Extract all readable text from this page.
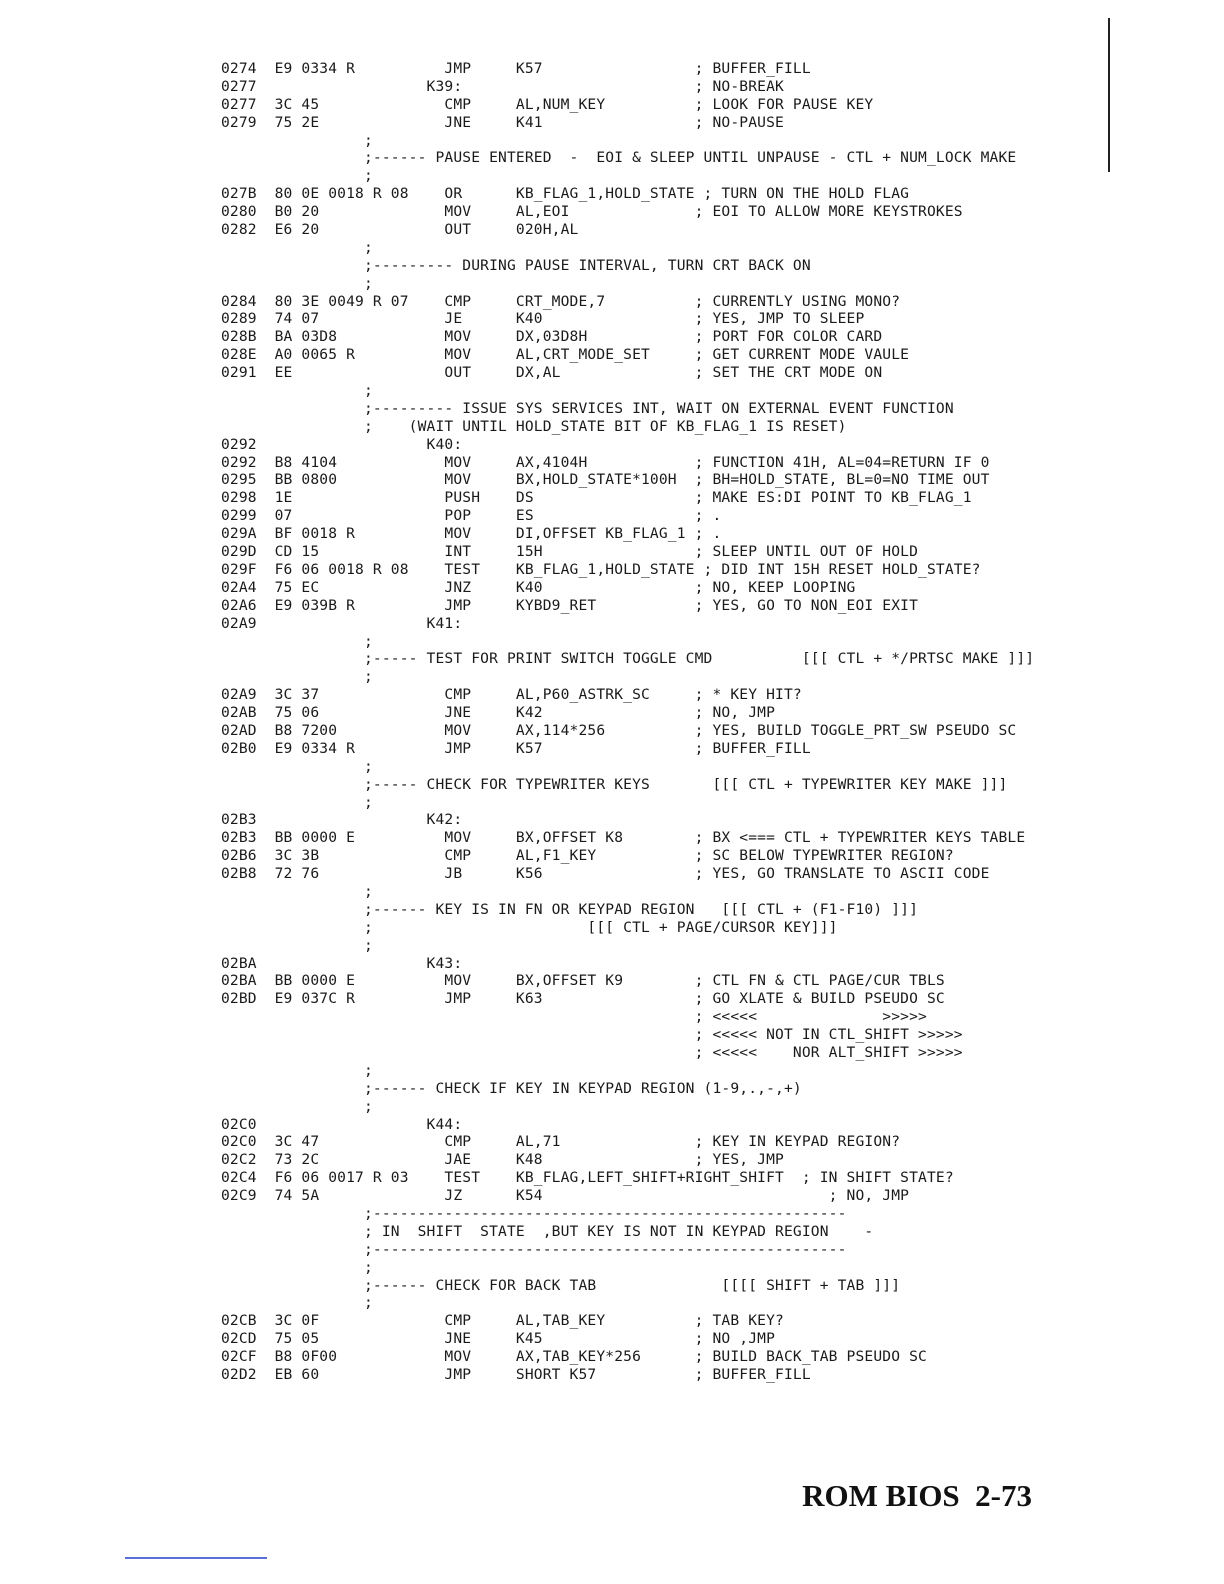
0274  E9 0334 R          JMP     K57                 ; BUFFER_FILL
0277                   K39:                          ; NO-BREAK
0277  3C 45              CMP     AL,NUM_KEY          ; LOOK FOR PAUSE KEY
0279  75 2E              JNE     K41                 ; NO-PAUSE
;
;------ PAUSE ENTERED  -  EOI & SLEEP UNTIL UNPAUSE - CTL + NUM_LOCK MAKE
;
027B  80 0E 0018 R 08    OR      KB_FLAG_1,HOLD_STATE ; TURN ON THE HOLD FLAG
0280  B0 20              MOV     AL,EOI              ; EOI TO ALLOW MORE KEYSTROKES
0282  E6 20              OUT     020H,AL
;
;--------- DURING PAUSE INTERVAL, TURN CRT BACK ON
;
0284  80 3E 0049 R 07    CMP     CRT_MODE,7          ; CURRENTLY USING MONO?
0289  74 07              JE      K40                 ; YES, JMP TO SLEEP
028B  BA 03D8            MOV     DX,03D8H            ; PORT FOR COLOR CARD
028E  A0 0065 R          MOV     AL,CRT_MODE_SET     ; GET CURRENT MODE VAULE
0291  EE                 OUT     DX,AL               ; SET THE CRT MODE ON
;
;--------- ISSUE SYS SERVICES INT, WAIT ON EXTERNAL EVENT FUNCTION
;    (WAIT UNTIL HOLD_STATE BIT OF KB_FLAG_1 IS RESET)
0292                   K40:
0292  B8 4104            MOV     AX,4104H            ; FUNCTION 41H, AL=04=RETURN IF 0
0295  BB 0800            MOV     BX,HOLD_STATE*100H  ; BH=HOLD_STATE, BL=0=NO TIME OUT
0298  1E                 PUSH    DS                  ; MAKE ES:DI POINT TO KB_FLAG_1
0299  07                 POP     ES                  ; .
029A  BF 0018 R          MOV     DI,OFFSET KB_FLAG_1 ; .
029D  CD 15              INT     15H                 ; SLEEP UNTIL OUT OF HOLD
029F  F6 06 0018 R 08    TEST    KB_FLAG_1,HOLD_STATE ; DID INT 15H RESET HOLD_STATE?
02A4  75 EC              JNZ     K40                 ; NO, KEEP LOOPING
02A6  E9 039B R          JMP     KYBD9_RET           ; YES, GO TO NON_EOI EXIT
02A9                   K41:
;
;----- TEST FOR PRINT SWITCH TOGGLE CMD          [[[ CTL + */PRTSC MAKE ]]]
;
02A9  3C 37              CMP     AL,P60_ASTRK_SC     ; * KEY HIT?
02AB  75 06              JNE     K42                 ; NO, JMP
02AD  B8 7200            MOV     AX,114*256          ; YES, BUILD TOGGLE_PRT_SW PSEUDO SC
02B0  E9 0334 R          JMP     K57                 ; BUFFER_FILL
;
;----- CHECK FOR TYPEWRITER KEYS       [[[ CTL + TYPEWRITER KEY MAKE ]]]
;
02B3                   K42:
02B3  BB 0000 E          MOV     BX,OFFSET K8        ; BX <=== CTL + TYPEWRITER KEYS TABLE
02B6  3C 3B              CMP     AL,F1_KEY           ; SC BELOW TYPEWRITER REGION?
02B8  72 76              JB      K56                 ; YES, GO TRANSLATE TO ASCII CODE
;
;------ KEY IS IN FN OR KEYPAD REGION   [[[ CTL + (F1-F10) ]]]
;                        [[[ CTL + PAGE/CURSOR KEY]]]
;
02BA                   K43:
02BA  BB 0000 E          MOV     BX,OFFSET K9        ; CTL FN & CTL PAGE/CUR TBLS
02BD  E9 037C R          JMP     K63                 ; GO XLATE & BUILD PSEUDO SC
; <<<<<              >>>>>
; <<<<< NOT IN CTL_SHIFT >>>>>
; <<<<<    NOR ALT_SHIFT >>>>>
;
;------ CHECK IF KEY IN KEYPAD REGION (1-9,.,-,+)
;
02C0                   K44:
02C0  3C 47              CMP     AL,71               ; KEY IN KEYPAD REGION?
02C2  73 2C              JAE     K48                 ; YES, JMP
02C4  F6 06 0017 R 03    TEST    KB_FLAG,LEFT_SHIFT+RIGHT_SHIFT  ; IN SHIFT STATE?
02C9  74 5A              JZ      K54                                ; NO, JMP
;-----------------------------------------------------
; IN  SHIFT  STATE  ,BUT KEY IS NOT IN KEYPAD REGION    -
;-----------------------------------------------------
;
;------ CHECK FOR BACK TAB              [[[[ SHIFT + TAB ]]]
;
02CB  3C 0F              CMP     AL,TAB_KEY          ; TAB KEY?
02CD  75 05              JNE     K45                 ; NO ,JMP
02CF  B8 0F00            MOV     AX,TAB_KEY*256      ; BUILD BACK_TAB PSEUDO SC
02D2  EB 60              JMP     SHORT K57           ; BUFFER_FILL
ROM BIOS  2-73
